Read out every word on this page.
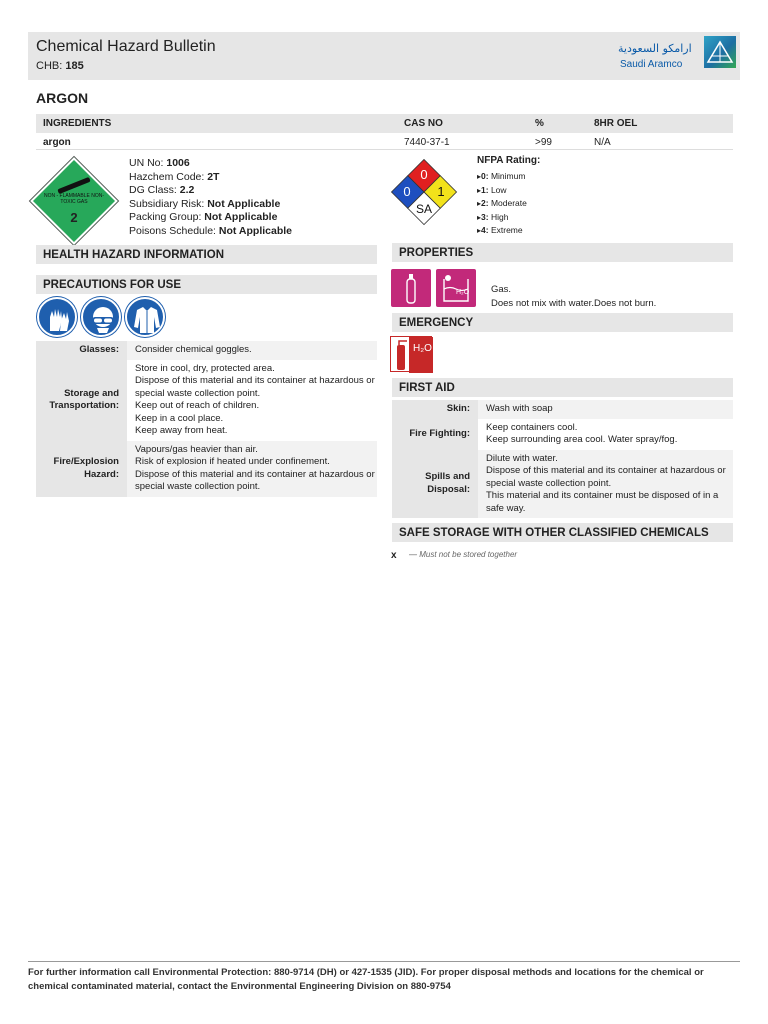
Chemical Hazard Bulletin
CHB: 185
ارامكو السعودية
Saudi Aramco
ARGON
INGREDIENTS	CAS NO	%	8HR OEL
argon	7440-37-1	>99	N/A
NON - FLAMMABLE NON-TOXIC GAS
2
UN No: 1006
Hazchem Code: 2T
DG Class: 2.2
Subsidiary Risk: Not Applicable
Packing Group: Not Applicable
Poisons Schedule: Not Applicable
0
0 1
SA
NFPA Rating:
▸ 0: Minimum
▸ 1: Low
▸ 2: Moderate
▸ 3: High
▸ 4: Extreme
HEALTH HAZARD INFORMATION
PRECAUTIONS FOR USE
Glasses:	Consider chemical goggles.

Storage and Transportation:	Store in cool, dry, protected area.
Dispose of this material and its container at hazardous or special waste collection point.
Keep out of reach of children.
Keep in a cool place.
Keep away from heat.

Fire/Explosion Hazard:	Vapours/gas heavier than air.
Risk of explosion if heated under confinement.
Dispose of this material and its container at hazardous or special waste collection point.
PROPERTIES
H₂O Gas.
Does not mix with water.Does not burn.
EMERGENCY
H₂O
FIRST AID
Skin:	Wash with soap

Fire Fighting:	Keep containers cool.
Keep surrounding area cool. Water spray/fog.

Spills and Disposal:	Dilute with water.
Dispose of this material and its container at hazardous or special waste collection point.
This material and its container must be disposed of in a safe way.
SAFE STORAGE WITH OTHER CLASSIFIED CHEMICALS
x — Must not be stored together
For further information call Environmental Protection: 880-9714 (DH) or 427-1535 (JID). For proper disposal methods and locations for the chemical or chemical contaminated material, contact the Environmental Engineering Division on 880-9754
